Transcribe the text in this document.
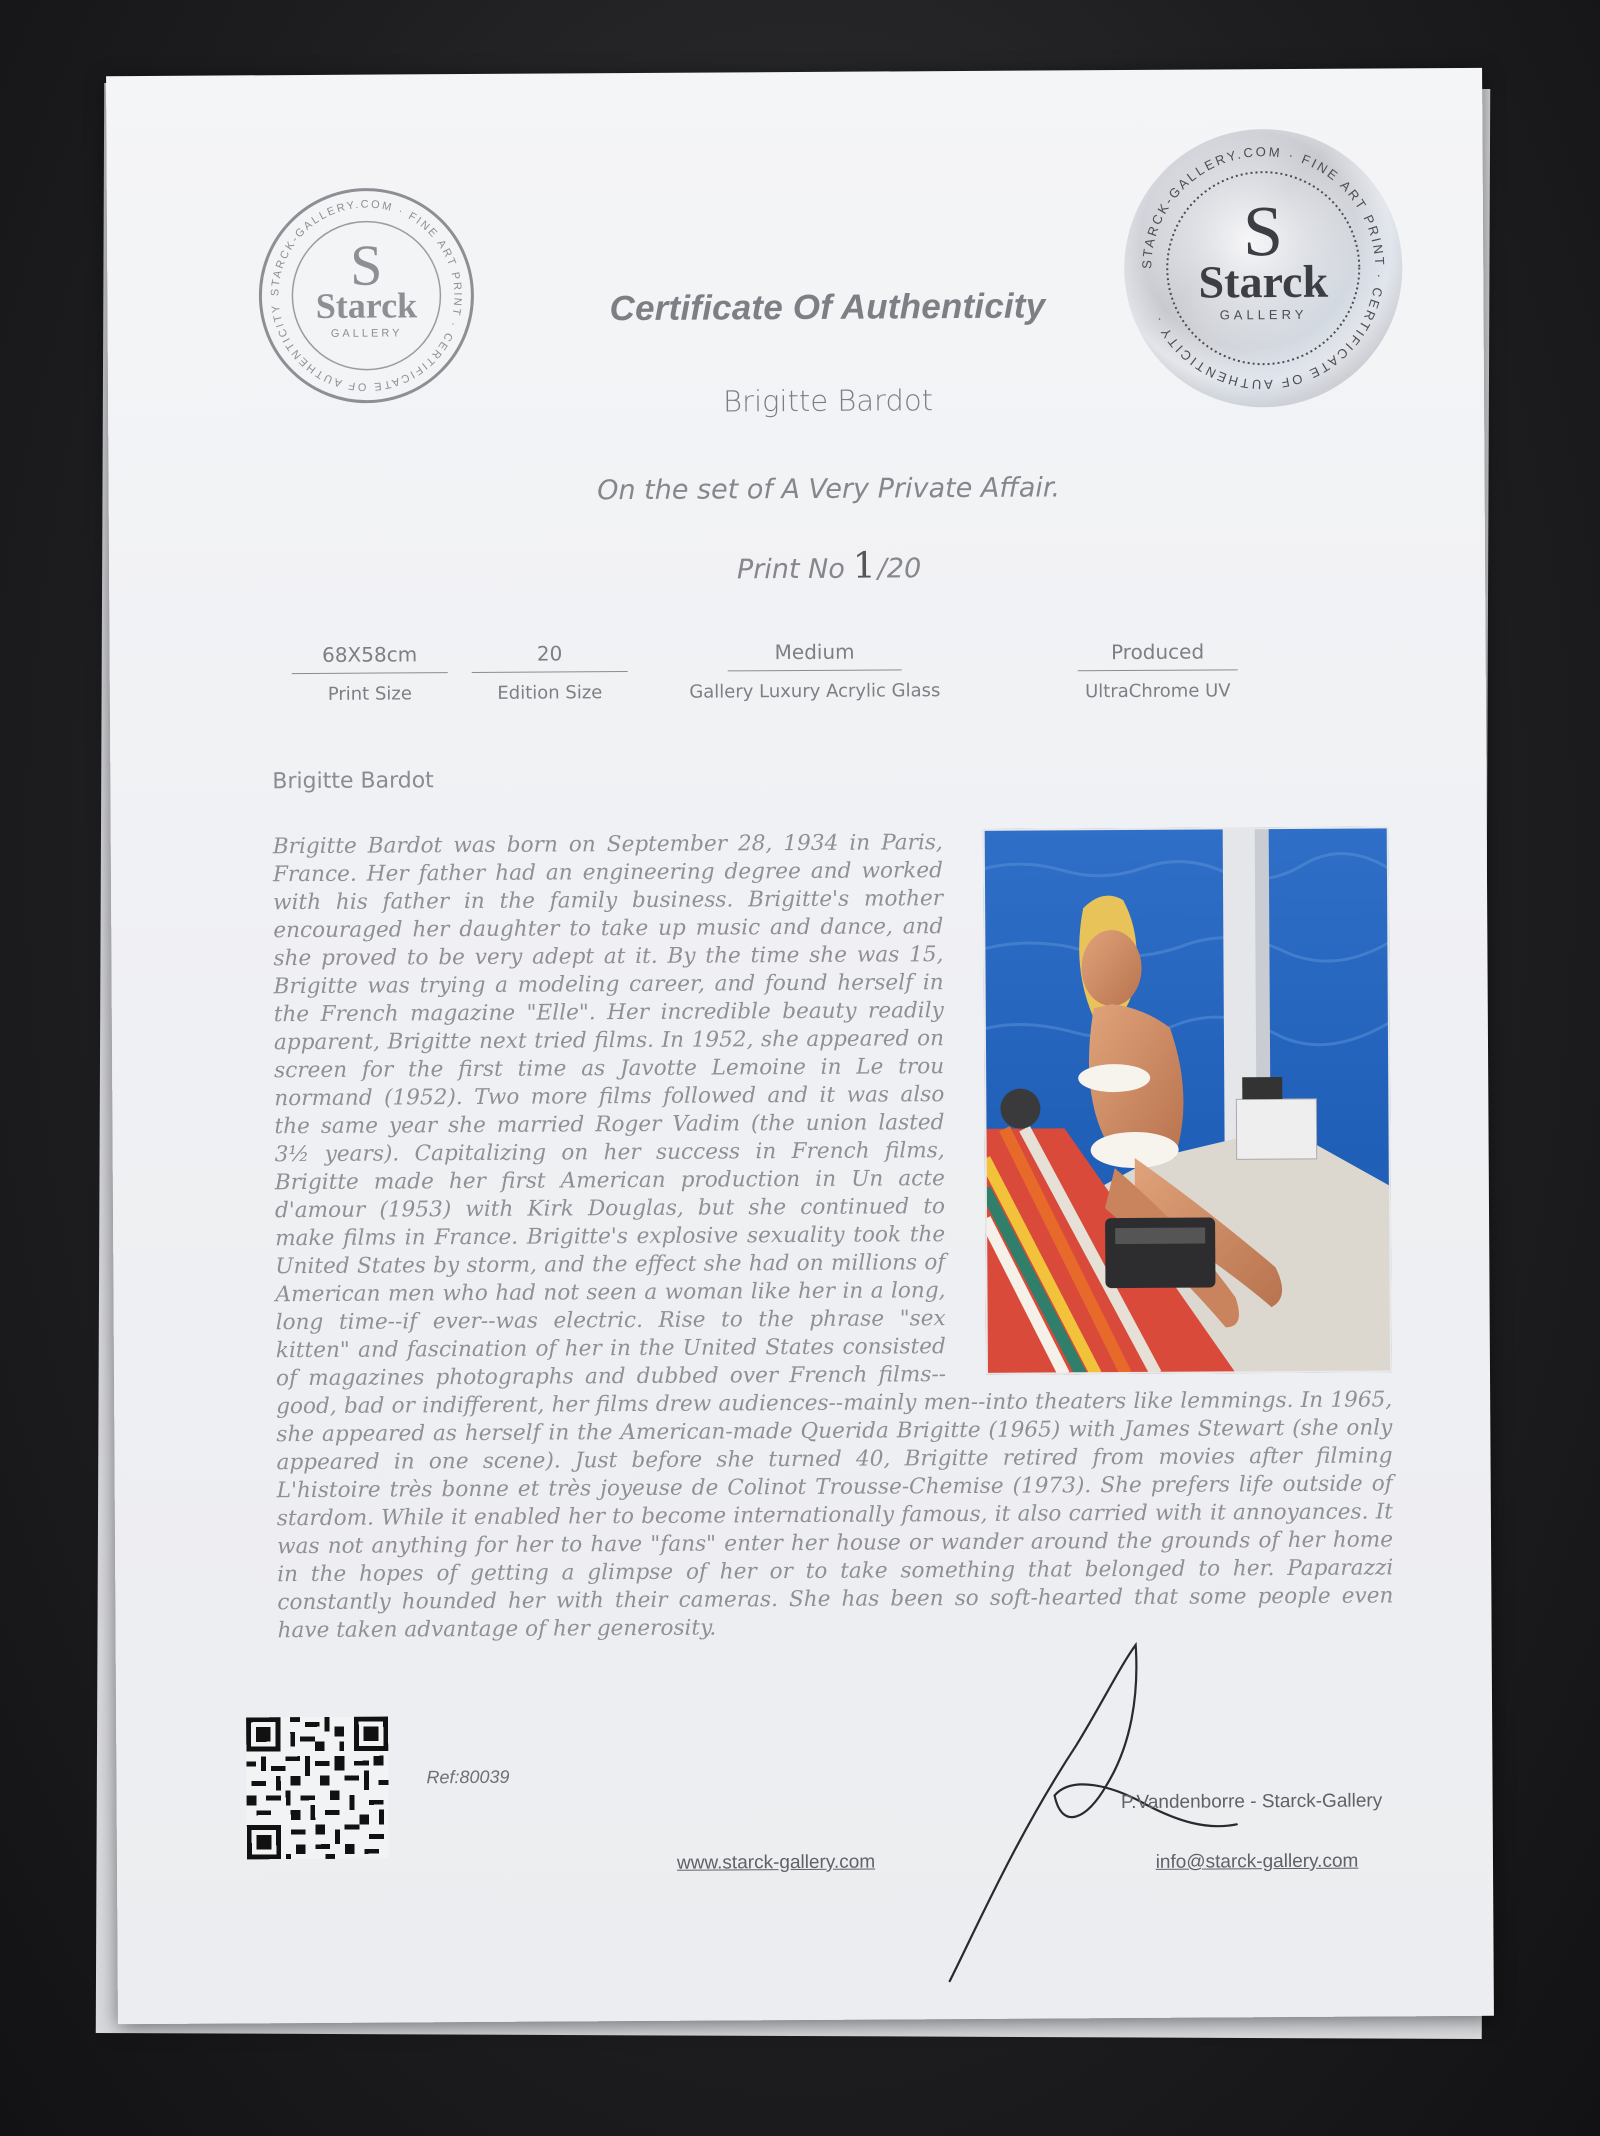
STARCK-GALLERY.COM · FINE ART PRINT · CERTIFICATE OF AUTHENTICITY
S
Starck
GALLERY
STARCK-GALLERY.COM · FINE ART PRINT · CERTIFICATE OF AUTHENTICITY ·
S
Starck
GALLERY
Certificate Of Authenticity
Brigitte Bardot
On the set of A Very Private Affair.
Print No 1/20
68X58cm
Print Size
20
Edition Size
Medium
Gallery Luxury Acrylic Glass
Produced
UltraChrome UV
Brigitte Bardot
Brigitte Bardot was born on September 28, 1934 in Paris, France. Her father had an engineering degree and worked with his father in the family business. Brigitte's mother encouraged her daughter to take up music and dance, and she proved to be very adept at it. By the time she was 15, Brigitte was trying a modeling career, and found herself in the French magazine "Elle". Her incredible beauty readily apparent, Brigitte next tried films. In 1952, she appeared on screen for the first time as Javotte Lemoine in Le trou normand (1952). Two more films followed and it was also the same year she married Roger Vadim (the union lasted 3½ years). Capitalizing on her success in French films, Brigitte made her first American production in Un acte d'amour (1953) with Kirk Douglas, but she continued to make films in France. Brigitte's explosive sexuality took the United States by storm, and the effect she had on millions of American men who had not seen a woman like her in a long, long time--if ever--was electric. Rise to the phrase "sex kitten" and fascination of her in the United States consisted of magazines photographs and dubbed over French films--good, bad or indifferent, her films drew audiences--mainly men--into theaters like lemmings. In 1965, she appeared as herself in the American-made Querida Brigitte (1965) with James Stewart (she only appeared in one scene). Just before she turned 40, Brigitte retired from movies after filming L'histoire très bonne et très joyeuse de Colinot Trousse-Chemise (1973). She prefers life outside of stardom. While it enabled her to become internationally famous, it also carried with it annoyances. It was not anything for her to have "fans" enter her house or wander around the grounds of her home in the hopes of getting a glimpse of her or to take something that belonged to her. Paparazzi constantly hounded her with their cameras. She has been so soft-hearted that some people even have taken advantage of her generosity.
Ref:80039
www.starck-gallery.com
P.Vandenborre - Starck-Gallery
info@starck-gallery.com
